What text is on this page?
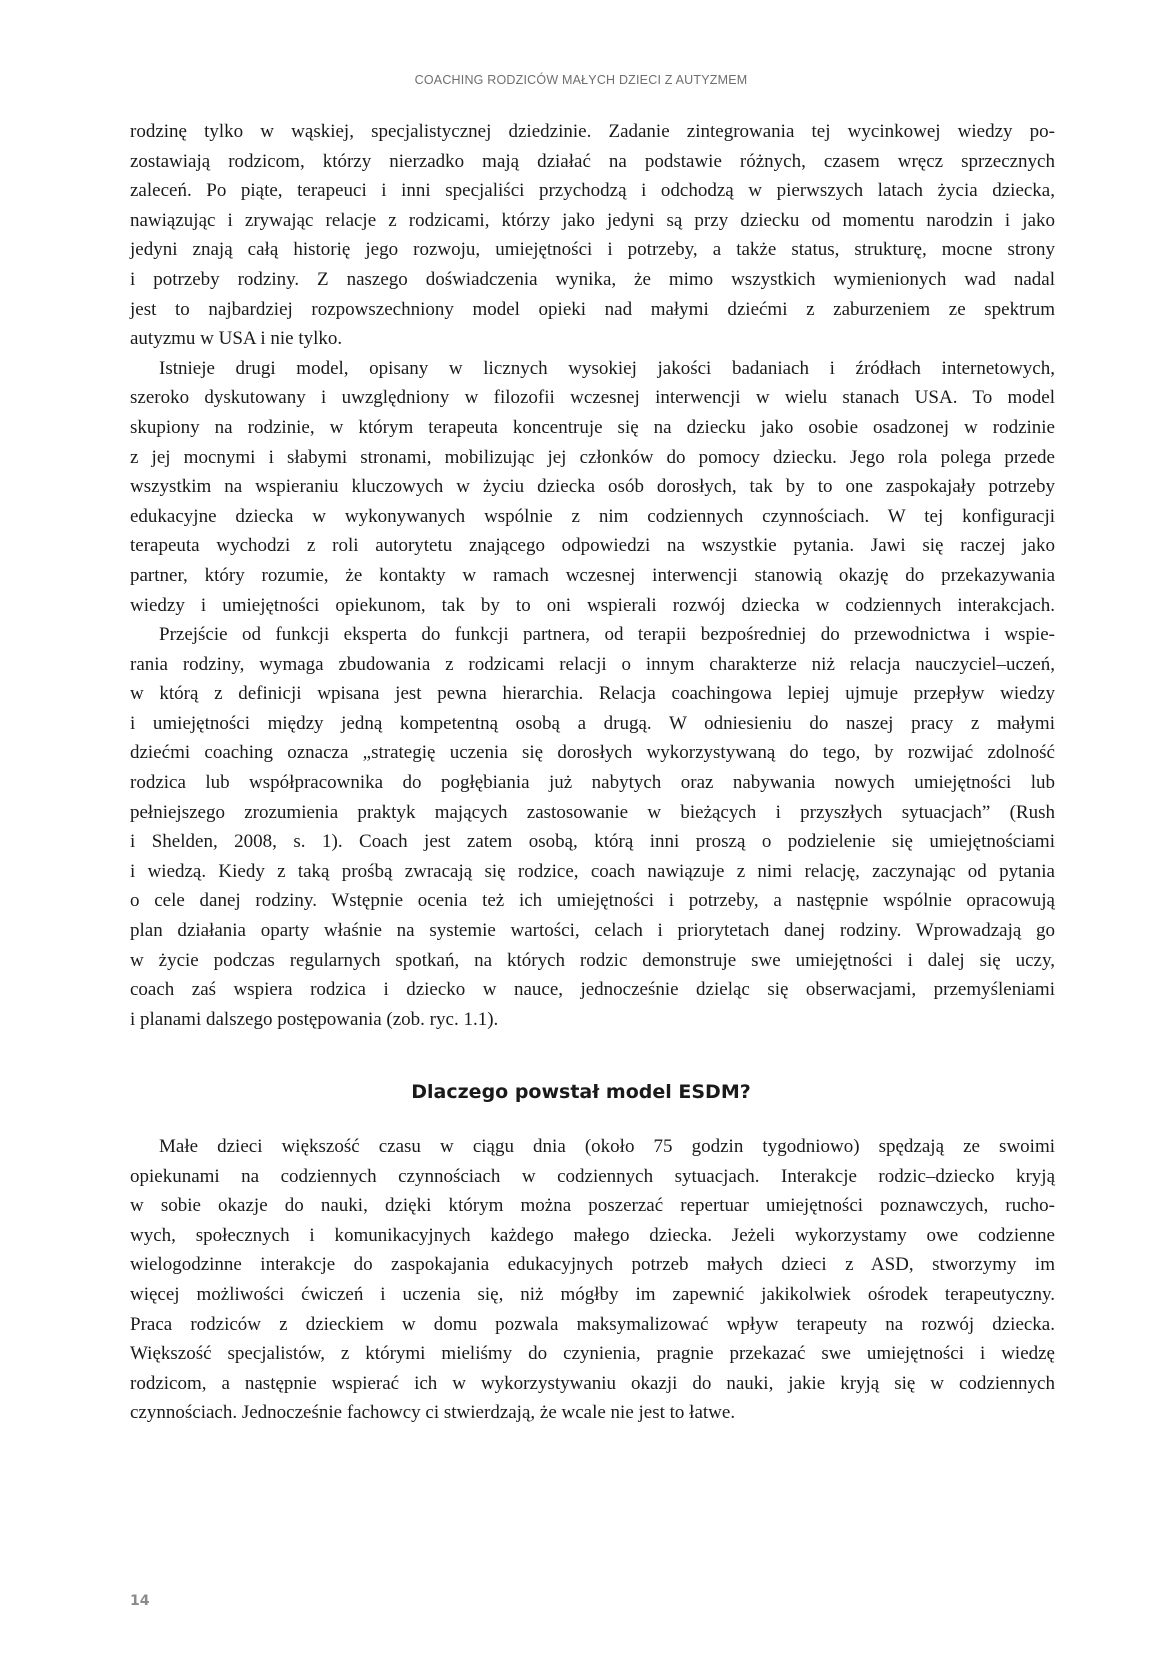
COACHING RODZICÓW MAŁYCH DZIECI Z AUTYZMEM
rodzinę tylko w wąskiej, specjalistycznej dziedzinie. Zadanie zintegrowania tej wycinkowej wiedzy po-
zostawiają rodzicom, którzy nierzadko mają działać na podstawie różnych, czasem wręcz sprzecznych
zaleceń. Po piąte, terapeuci i inni specjaliści przychodzą i odchodzą w pierwszych latach życia dziecka,
nawiązując i zrywając relacje z rodzicami, którzy jako jedyni są przy dziecku od momentu narodzin i jako
jedyni znają całą historię jego rozwoju, umiejętności i potrzeby, a także status, strukturę, mocne strony
i potrzeby rodziny. Z naszego doświadczenia wynika, że mimo wszystkich wymienionych wad nadal
jest to najbardziej rozpowszechniony model opieki nad małymi dziećmi z zaburzeniem ze spektrum
autyzmu w USA i nie tylko.
Istnieje drugi model, opisany w licznych wysokiej jakości badaniach i źródłach internetowych,
szeroko dyskutowany i uwzględniony w filozofii wczesnej interwencji w wielu stanach USA. To model
skupiony na rodzinie, w którym terapeuta koncentruje się na dziecku jako osobie osadzonej w rodzinie
z jej mocnymi i słabymi stronami, mobilizując jej członków do pomocy dziecku. Jego rola polega przede
wszystkim na wspieraniu kluczowych w życiu dziecka osób dorosłych, tak by to one zaspokajały potrzeby
edukacyjne dziecka w wykonywanych wspólnie z nim codziennych czynnościach. W tej konfiguracji
terapeuta wychodzi z roli autorytetu znającego odpowiedzi na wszystkie pytania. Jawi się raczej jako
partner, który rozumie, że kontakty w ramach wczesnej interwencji stanowią okazję do przekazywania
wiedzy i umiejętności opiekunom, tak by to oni wspierali rozwój dziecka w codziennych interakcjach.
Przejście od funkcji eksperta do funkcji partnera, od terapii bezpośredniej do przewodnictwa i wspie-
rania rodziny, wymaga zbudowania z rodzicami relacji o innym charakterze niż relacja nauczyciel–uczeń,
w którą z definicji wpisana jest pewna hierarchia. Relacja coachingowa lepiej ujmuje przepływ wiedzy
i umiejętności między jedną kompetentną osobą a drugą. W odniesieniu do naszej pracy z małymi
dziećmi coaching oznacza „strategię uczenia się dorosłych wykorzystywaną do tego, by rozwijać zdolność
rodzica lub współpracownika do pogłębiania już nabytych oraz nabywania nowych umiejętności lub
pełniejszego zrozumienia praktyk mających zastosowanie w bieżących i przyszłych sytuacjach” (Rush
i Shelden, 2008, s. 1). Coach jest zatem osobą, którą inni proszą o podzielenie się umiejętnościami
i wiedzą. Kiedy z taką prośbą zwracają się rodzice, coach nawiązuje z nimi relację, zaczynając od pytania
o cele danej rodziny. Wstępnie ocenia też ich umiejętności i potrzeby, a następnie wspólnie opracowują
plan działania oparty właśnie na systemie wartości, celach i priorytetach danej rodziny. Wprowadzają go
w życie podczas regularnych spotkań, na których rodzic demonstruje swe umiejętności i dalej się uczy,
coach zaś wspiera rodzica i dziecko w nauce, jednocześnie dzieląc się obserwacjami, przemyśleniami
i planami dalszego postępowania (zob. ryc. 1.1).
Dlaczego powstał model ESDM?
Małe dzieci większość czasu w ciągu dnia (około 75 godzin tygodniowo) spędzają ze swoimi
opiekunami na codziennych czynnościach w codziennych sytuacjach. Interakcje rodzic–dziecko kryją
w sobie okazje do nauki, dzięki którym można poszerzać repertuar umiejętności poznawczych, rucho-
wych, społecznych i komunikacyjnych każdego małego dziecka. Jeżeli wykorzystamy owe codzienne
wielogodzinne interakcje do zaspokajania edukacyjnych potrzeb małych dzieci z ASD, stworzymy im
więcej możliwości ćwiczeń i uczenia się, niż mógłby im zapewnić jakikolwiek ośrodek terapeutyczny.
Praca rodziców z dzieckiem w domu pozwala maksymalizować wpływ terapeuty na rozwój dziecka.
Większość specjalistów, z którymi mieliśmy do czynienia, pragnie przekazać swe umiejętności i wiedzę
rodzicom, a następnie wspierać ich w wykorzystywaniu okazji do nauki, jakie kryją się w codziennych
czynnościach. Jednocześnie fachowcy ci stwierdzają, że wcale nie jest to łatwe.
14
